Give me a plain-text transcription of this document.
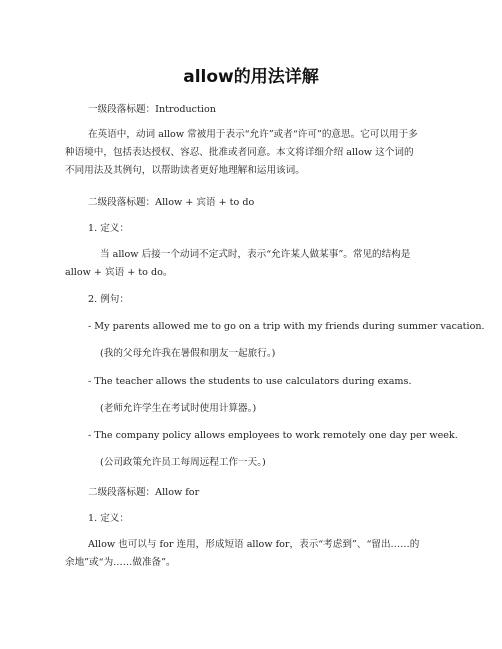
allow的用法详解
一级段落标题：Introduction
在英语中，动词 allow 常被用于表示“允许”或者“许可”的意思。它可以用于多
种语境中，包括表达授权、容忍、批准或者同意。本文将详细介绍 allow 这个词的
不同用法及其例句，以帮助读者更好地理解和运用该词。
二级段落标题：Allow + 宾语 + to do
1. 定义：
当 allow 后接一个动词不定式时，表示“允许某人做某事”。常见的结构是
allow + 宾语 + to do。
2. 例句：
- My parents allowed me to go on a trip with my friends during summer vacation.
(我的父母允许我在暑假和朋友一起旅行。)
- The teacher allows the students to use calculators during exams.
(老师允许学生在考试时使用计算器。)
- The company policy allows employees to work remotely one day per week.
(公司政策允许员工每周远程工作一天。)
二级段落标题：Allow for
1. 定义：
Allow 也可以与 for 连用，形成短语 allow for，表示“考虑到”、“留出……的
余地”或“为……做准备”。
